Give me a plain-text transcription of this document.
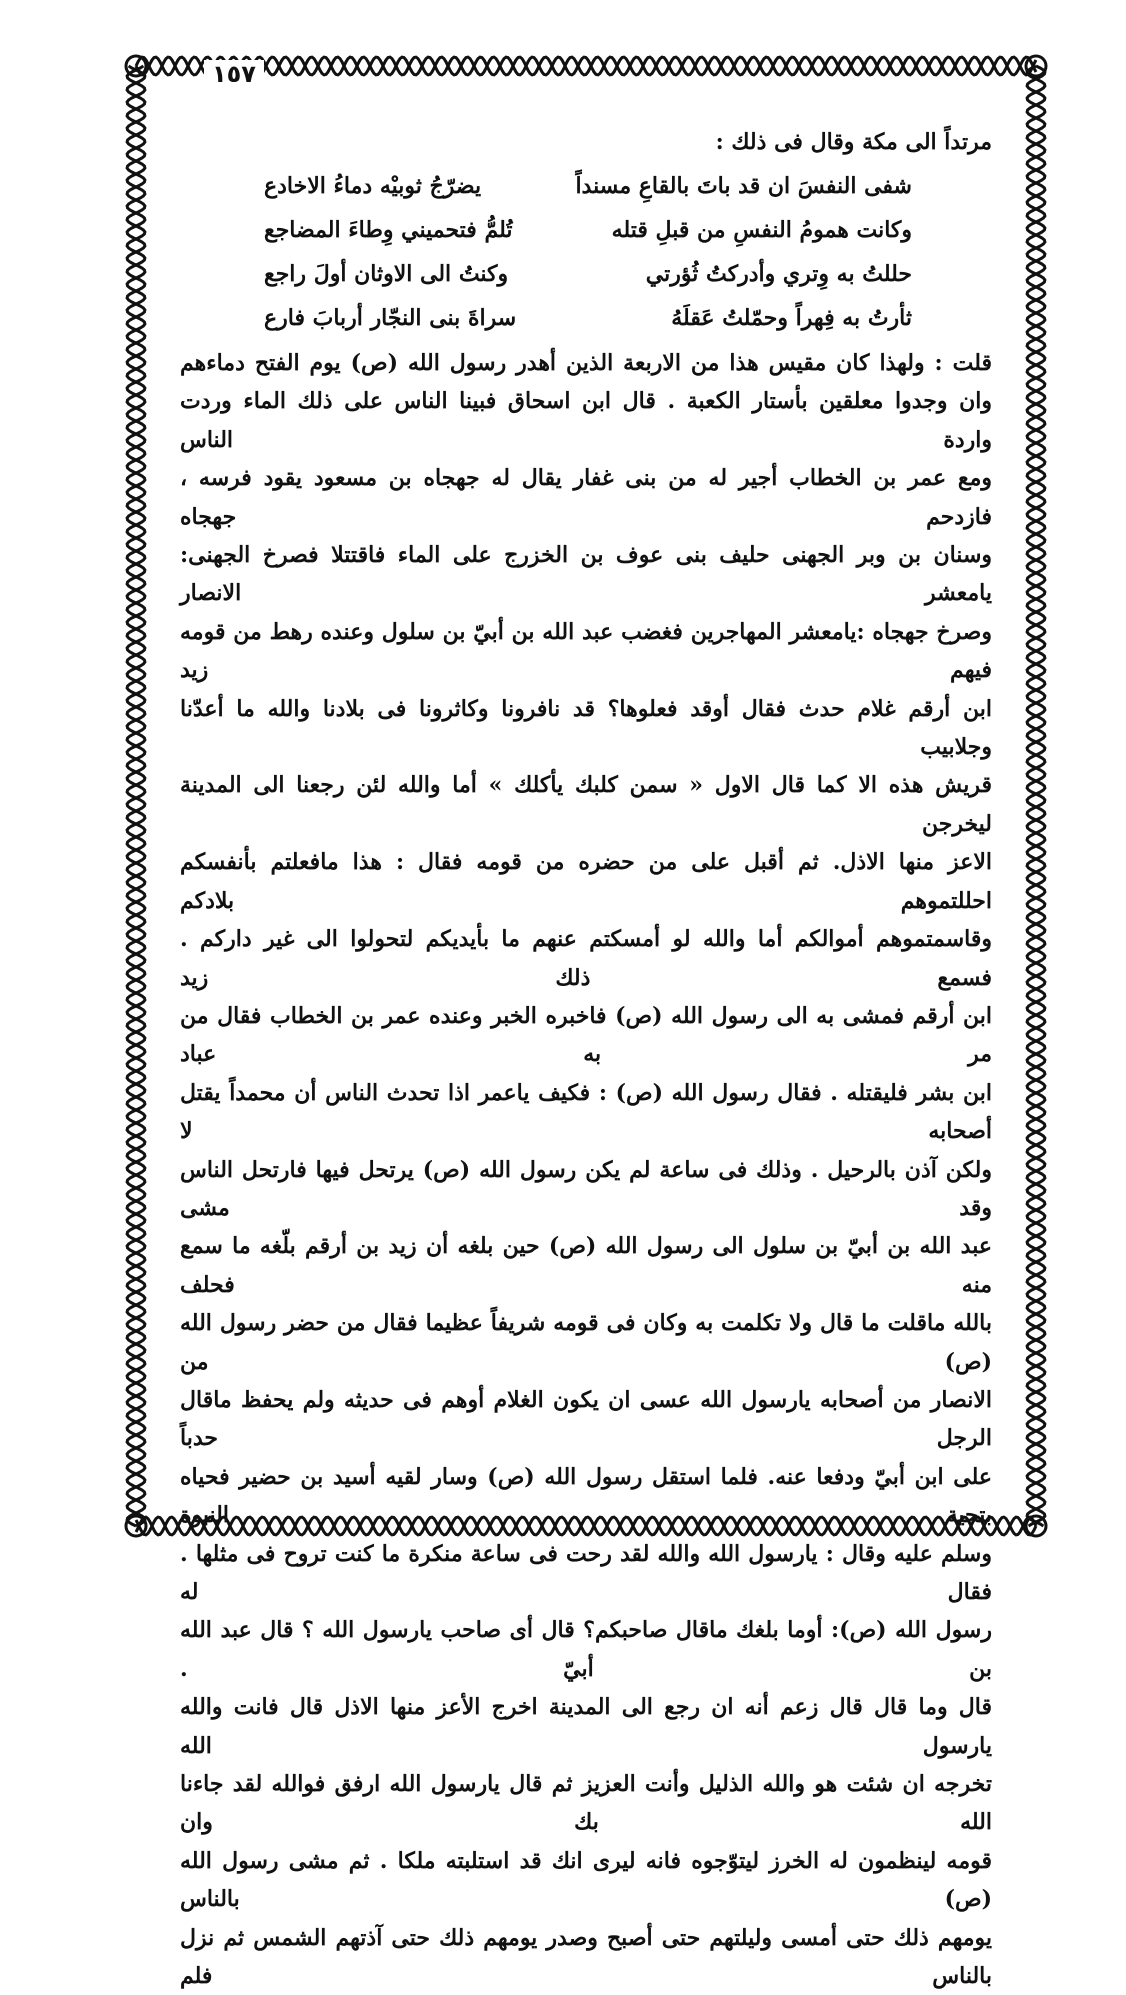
١٥٧
مرتداً الى مكة وقال فى ذلك :
شفى النفسَ ان قد باتَ بالقاعِ مسنداً
يضرّجُ ثوبيْه دماءُ الاخادع
وكانت همومُ النفسِ من قبلِ قتله
تُلمُّ فتحميني وِطاءَ المضاجع
حللتُ به وِتري وأدركتُ ثُؤرتي
وكنتُ الى الاوثان أولَ راجع
ثأرتُ به فِهراً وحمّلتُ عَقلَهُ
سراةَ بنى النجّار أربابَ فارع

قلت : ولهذا كان مقيس هذا من الاربعة الذين أهدر رسول الله (ص) يوم الفتح دماءهم

وان وجدوا معلقين بأستار الكعبة . قال ابن اسحاق فبينا الناس على ذلك الماء وردت واردة الناس

ومع عمر بن الخطاب أجير له من بنى غفار يقال له جهجاه بن مسعود يقود فرسه ، فازدحم جهجاه

وسنان بن وبر الجهنى حليف بنى عوف بن الخزرج على الماء فاقتتلا فصرخ الجهنى: يامعشر الانصار

وصرخ جهجاه :يامعشر المهاجرين فغضب عبد الله بن أبيّ بن سلول وعنده رهط من قومه فيهم زيد

ابن أرقم غلام حدث فقال أوقد فعلوها؟ قد نافرونا وكاثرونا فى بلادنا والله ما أعدّنا وجلابيب

قريش هذه الا كما قال الاول « سمن كلبك يأكلك » أما والله لئن رجعنا الى المدينة ليخرجن

الاعز منها الاذل. ثم أقبل على من حضره من قومه فقال : هذا مافعلتم بأنفسكم احللتموهم بلادكم

وقاسمتموهم أموالكم أما والله لو أمسكتم عنهم ما بأيديكم لتحولوا الى غير داركم . فسمع ذلك زيد

ابن أرقم فمشى به الى رسول الله (ص) فاخبره الخبر وعنده عمر بن الخطاب فقال من مر به عباد

ابن بشر فليقتله . فقال رسول الله (ص) : فكيف ياعمر اذا تحدث الناس أن محمداً يقتل أصحابه لا

ولكن آذن بالرحيل . وذلك فى ساعة لم يكن رسول الله (ص) يرتحل فيها فارتحل الناس وقد مشى

عبد الله بن أبيّ بن سلول الى رسول الله (ص) حين بلغه أن زيد بن أرقم بلّغه ما سمع منه فحلف

بالله ماقلت ما قال ولا تكلمت به وكان فى قومه شريفاً عظيما فقال من حضر رسول الله (ص) من

الانصار من أصحابه يارسول الله عسى ان يكون الغلام أوهم فى حديثه ولم يحفظ ماقال الرجل حدباً

على ابن أبيّ ودفعا عنه. فلما استقل رسول الله (ص) وسار لقيه أسيد بن حضير فحياه بتحية النبوة

وسلم عليه وقال : يارسول الله والله لقد رحت فى ساعة منكرة ما كنت تروح فى مثلها . فقال له

رسول الله (ص): أوما بلغك ماقال صاحبكم؟ قال أى صاحب يارسول الله ؟ قال عبد الله بن أبيّ .

قال وما قال قال زعم أنه ان رجع الى المدينة اخرج الأعز منها الاذل قال فانت والله يارسول الله

تخرجه ان شئت هو والله الذليل وأنت العزيز ثم قال يارسول الله ارفق فوالله لقد جاءنا الله بك وان

قومه لينظمون له الخرز ليتوّجوه فانه ليرى انك قد استلبته ملكا . ثم مشى رسول الله (ص) بالناس

يومهم ذلك حتى أمسى وليلتهم حتى أصبح وصدر يومهم ذلك حتى آذتهم الشمس ثم نزل بالناس فلم
